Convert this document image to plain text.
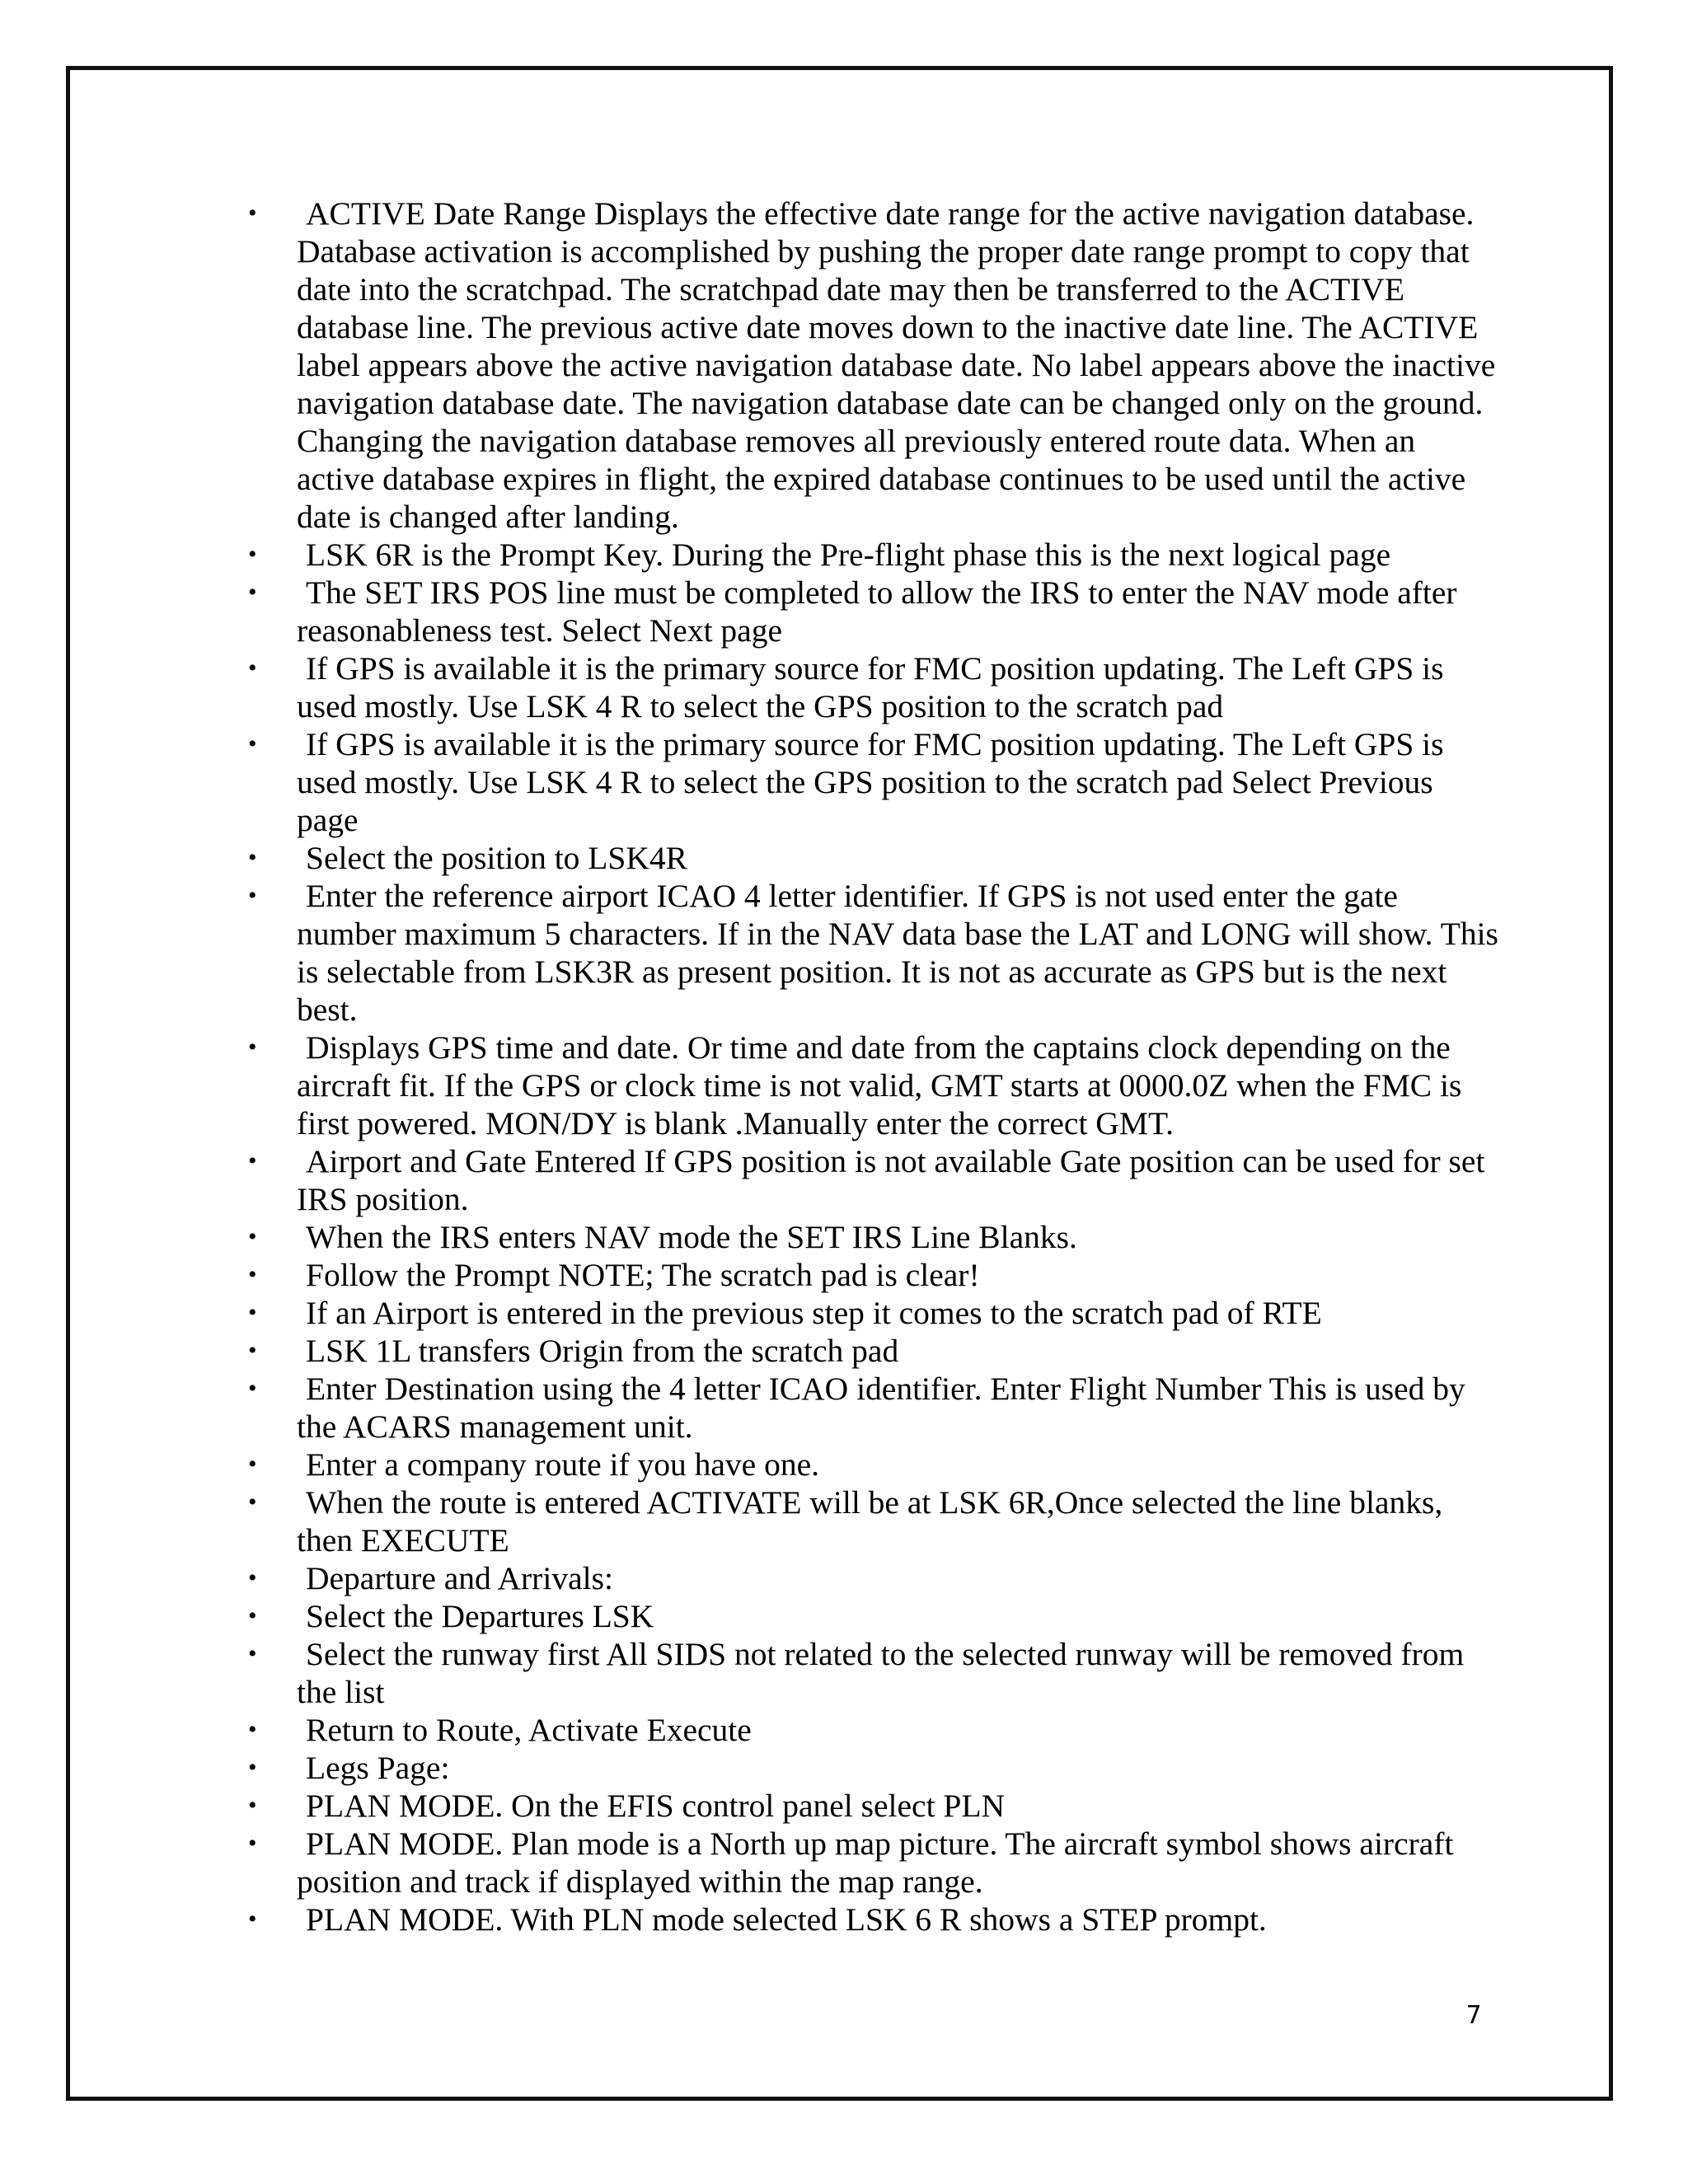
• ACTIVE Date Range Displays the effective date range for the active navigation database. Database activation is accomplished by pushing the proper date range prompt to copy that date into the scratchpad. The scratchpad date may then be transferred to the ACTIVE database line. The previous active date moves down to the inactive date line. The ACTIVE label appears above the active navigation database date. No label appears above the inactive navigation database date. The navigation database date can be changed only on the ground. Changing the navigation database removes all previously entered route data. When an active database expires in flight, the expired database continues to be used until the active date is changed after landing.
• LSK 6R is the Prompt Key. During the Pre-flight phase this is the next logical page
• The SET IRS POS line must be completed to allow the IRS to enter the NAV mode after reasonableness test. Select Next page
• If GPS is available it is the primary source for FMC position updating. The Left GPS is used mostly. Use LSK 4 R to select the GPS position to the scratch pad
• If GPS is available it is the primary source for FMC position updating. The Left GPS is used mostly. Use LSK 4 R to select the GPS position to the scratch pad Select Previous page
• Select the position to LSK4R
• Enter the reference airport ICAO 4 letter identifier. If GPS is not used enter the gate number maximum 5 characters. If in the NAV data base the LAT and LONG will show. This is selectable from LSK3R as present position. It is not as accurate as GPS but is the next best.
• Displays GPS time and date. Or time and date from the captains clock depending on the aircraft fit. If the GPS or clock time is not valid, GMT starts at 0000.0Z when the FMC is first powered. MON/DY is blank .Manually enter the correct GMT.
• Airport and Gate Entered If GPS position is not available Gate position can be used for set IRS position.
• When the IRS enters NAV mode the SET IRS Line Blanks.
• Follow the Prompt NOTE; The scratch pad is clear!
• If an Airport is entered in the previous step it comes to the scratch pad of RTE
• LSK 1L transfers Origin from the scratch pad
• Enter Destination using the 4 letter ICAO identifier. Enter Flight Number This is used by the ACARS management unit.
• Enter a company route if you have one.
• When the route is entered ACTIVATE will be at LSK 6R,Once selected the line blanks, then EXECUTE
• Departure and Arrivals:
• Select the Departures LSK
• Select the runway first All SIDS not related to the selected runway will be removed from the list
• Return to Route, Activate Execute
• Legs Page:
• PLAN MODE. On the EFIS control panel select PLN
• PLAN MODE. Plan mode is a North up map picture. The aircraft symbol shows aircraft position and track if displayed within the map range.
• PLAN MODE. With PLN mode selected LSK 6 R shows a STEP prompt.
7
